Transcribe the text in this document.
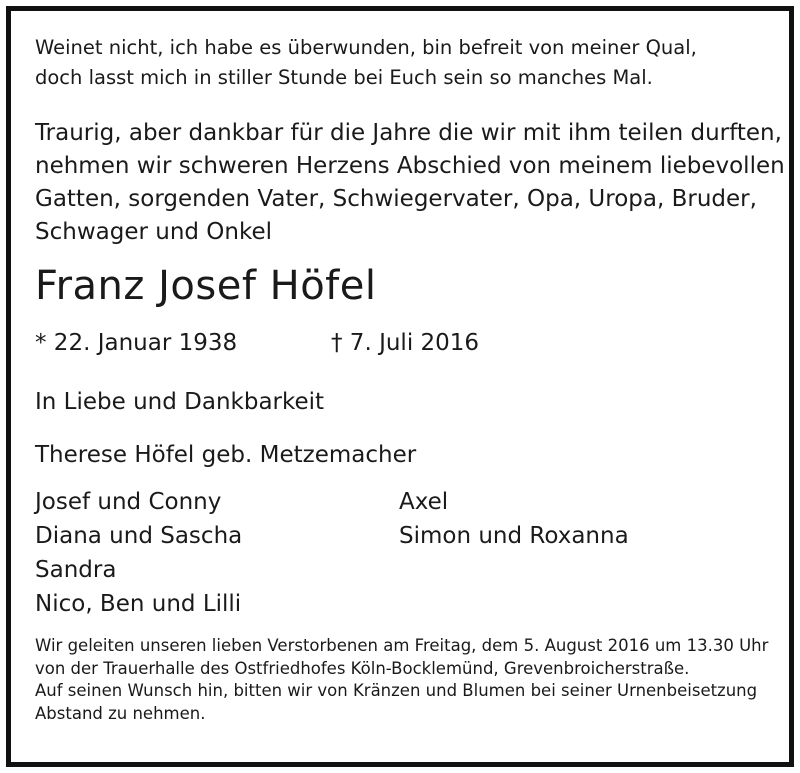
Weinet nicht, ich habe es überwunden, bin befreit von meiner Qual,
doch lasst mich in stiller Stunde bei Euch sein so manches Mal.
Traurig, aber dankbar für die Jahre die wir mit ihm teilen durften,
nehmen wir schweren Herzens Abschied von meinem liebevollen
Gatten, sorgenden Vater, Schwiegervater, Opa, Uropa, Bruder,
Schwager und Onkel
Franz Josef Höfel
* 22. Januar 1938	† 7. Juli 2016
In Liebe und Dankbarkeit
Therese Höfel geb. Metzemacher
Josef und Conny
Diana und Sascha
Sandra
Nico, Ben und Lilli
Axel
Simon und Roxanna
Wir geleiten unseren lieben Verstorbenen am Freitag, dem 5. August 2016 um 13.30 Uhr
von der Trauerhalle des Ostfriedhofes Köln-Bocklemünd, Grevenbroicherstraße.
Auf seinen Wunsch hin, bitten wir von Kränzen und Blumen bei seiner Urnenbeisetzung
Abstand zu nehmen.
